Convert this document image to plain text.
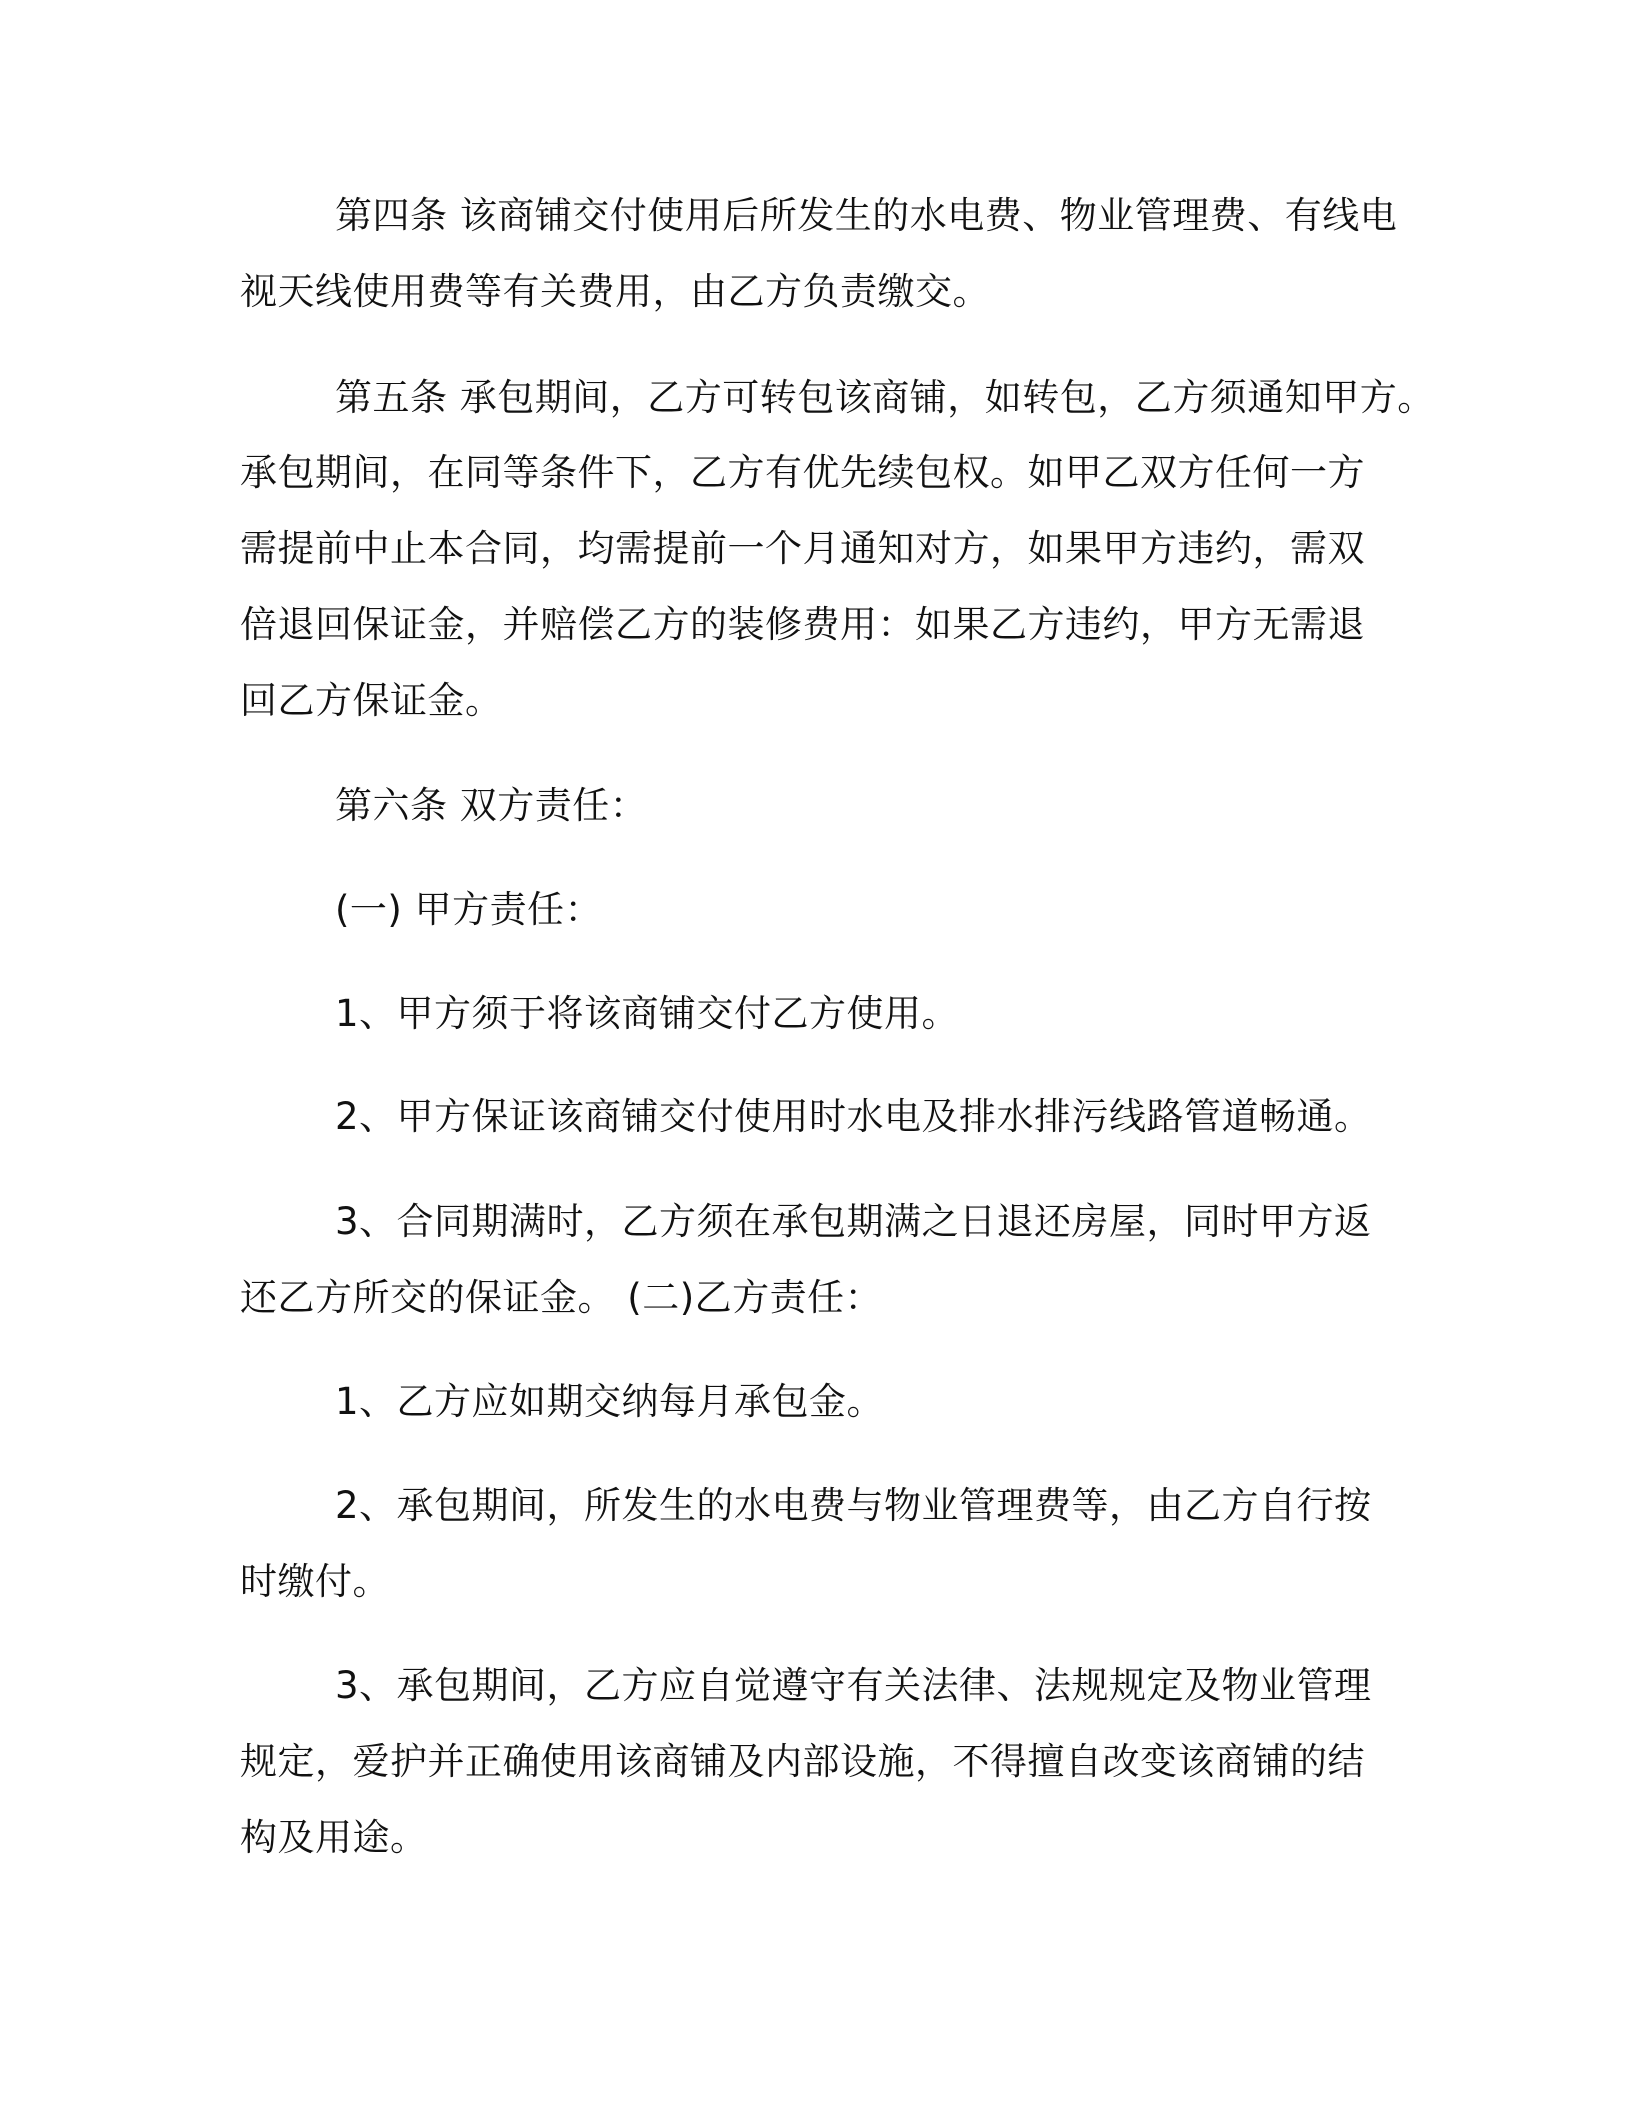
第四条 该商铺交付使用后所发生的水电费、物业管理费、有线电

视天线使用费等有关费用，由乙方负责缴交。

第五条 承包期间，乙方可转包该商铺，如转包，乙方须通知甲方。

承包期间，在同等条件下，乙方有优先续包权。如甲乙双方任何一方

需提前中止本合同，均需提前一个月通知对方，如果甲方违约，需双

倍退回保证金，并赔偿乙方的装修费用：如果乙方违约，甲方无需退

回乙方保证金。

第六条 双方责任：

(一) 甲方责任：

1、甲方须于将该商铺交付乙方使用。

2、甲方保证该商铺交付使用时水电及排水排污线路管道畅通。

3、合同期满时，乙方须在承包期满之日退还房屋，同时甲方返

还乙方所交的保证金。 (二)乙方责任：

1、乙方应如期交纳每月承包金。

2、承包期间，所发生的水电费与物业管理费等，由乙方自行按

时缴付。

3、承包期间，乙方应自觉遵守有关法律、法规规定及物业管理

规定，爱护并正确使用该商铺及内部设施，不得擅自改变该商铺的结

构及用途。
